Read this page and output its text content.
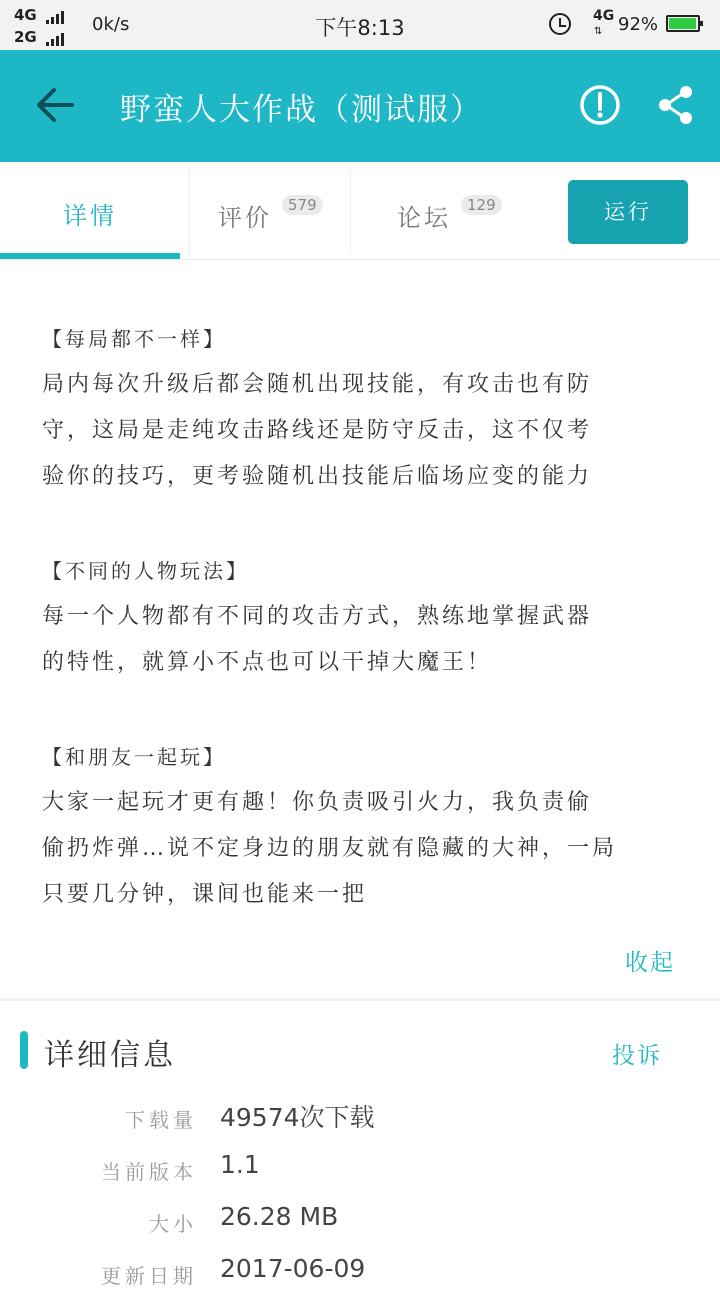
4G
2G
0k/s	下午8:13	4G
⇅ 92%
野蛮人大作战（测试服）
详情	评价	579	论坛	129	运行

【每局都不一样】

局内每次升级后都会随机出现技能，有攻击也有防

守，这局是走纯攻击路线还是防守反击，这不仅考

验你的技巧，更考验随机出技能后临场应变的能力

【不同的人物玩法】

每一个人物都有不同的攻击方式，熟练地掌握武器

的特性，就算小不点也可以干掉大魔王！

【和朋友一起玩】

大家一起玩才更有趣！你负责吸引火力，我负责偷

偷扔炸弹…说不定身边的朋友就有隐藏的大神，一局

只要几分钟，课间也能来一把

收起
详细信息	投诉
下载量 49574次下载
当前版本 1.1
大小 26.28 MB
更新日期 2017-06-09
